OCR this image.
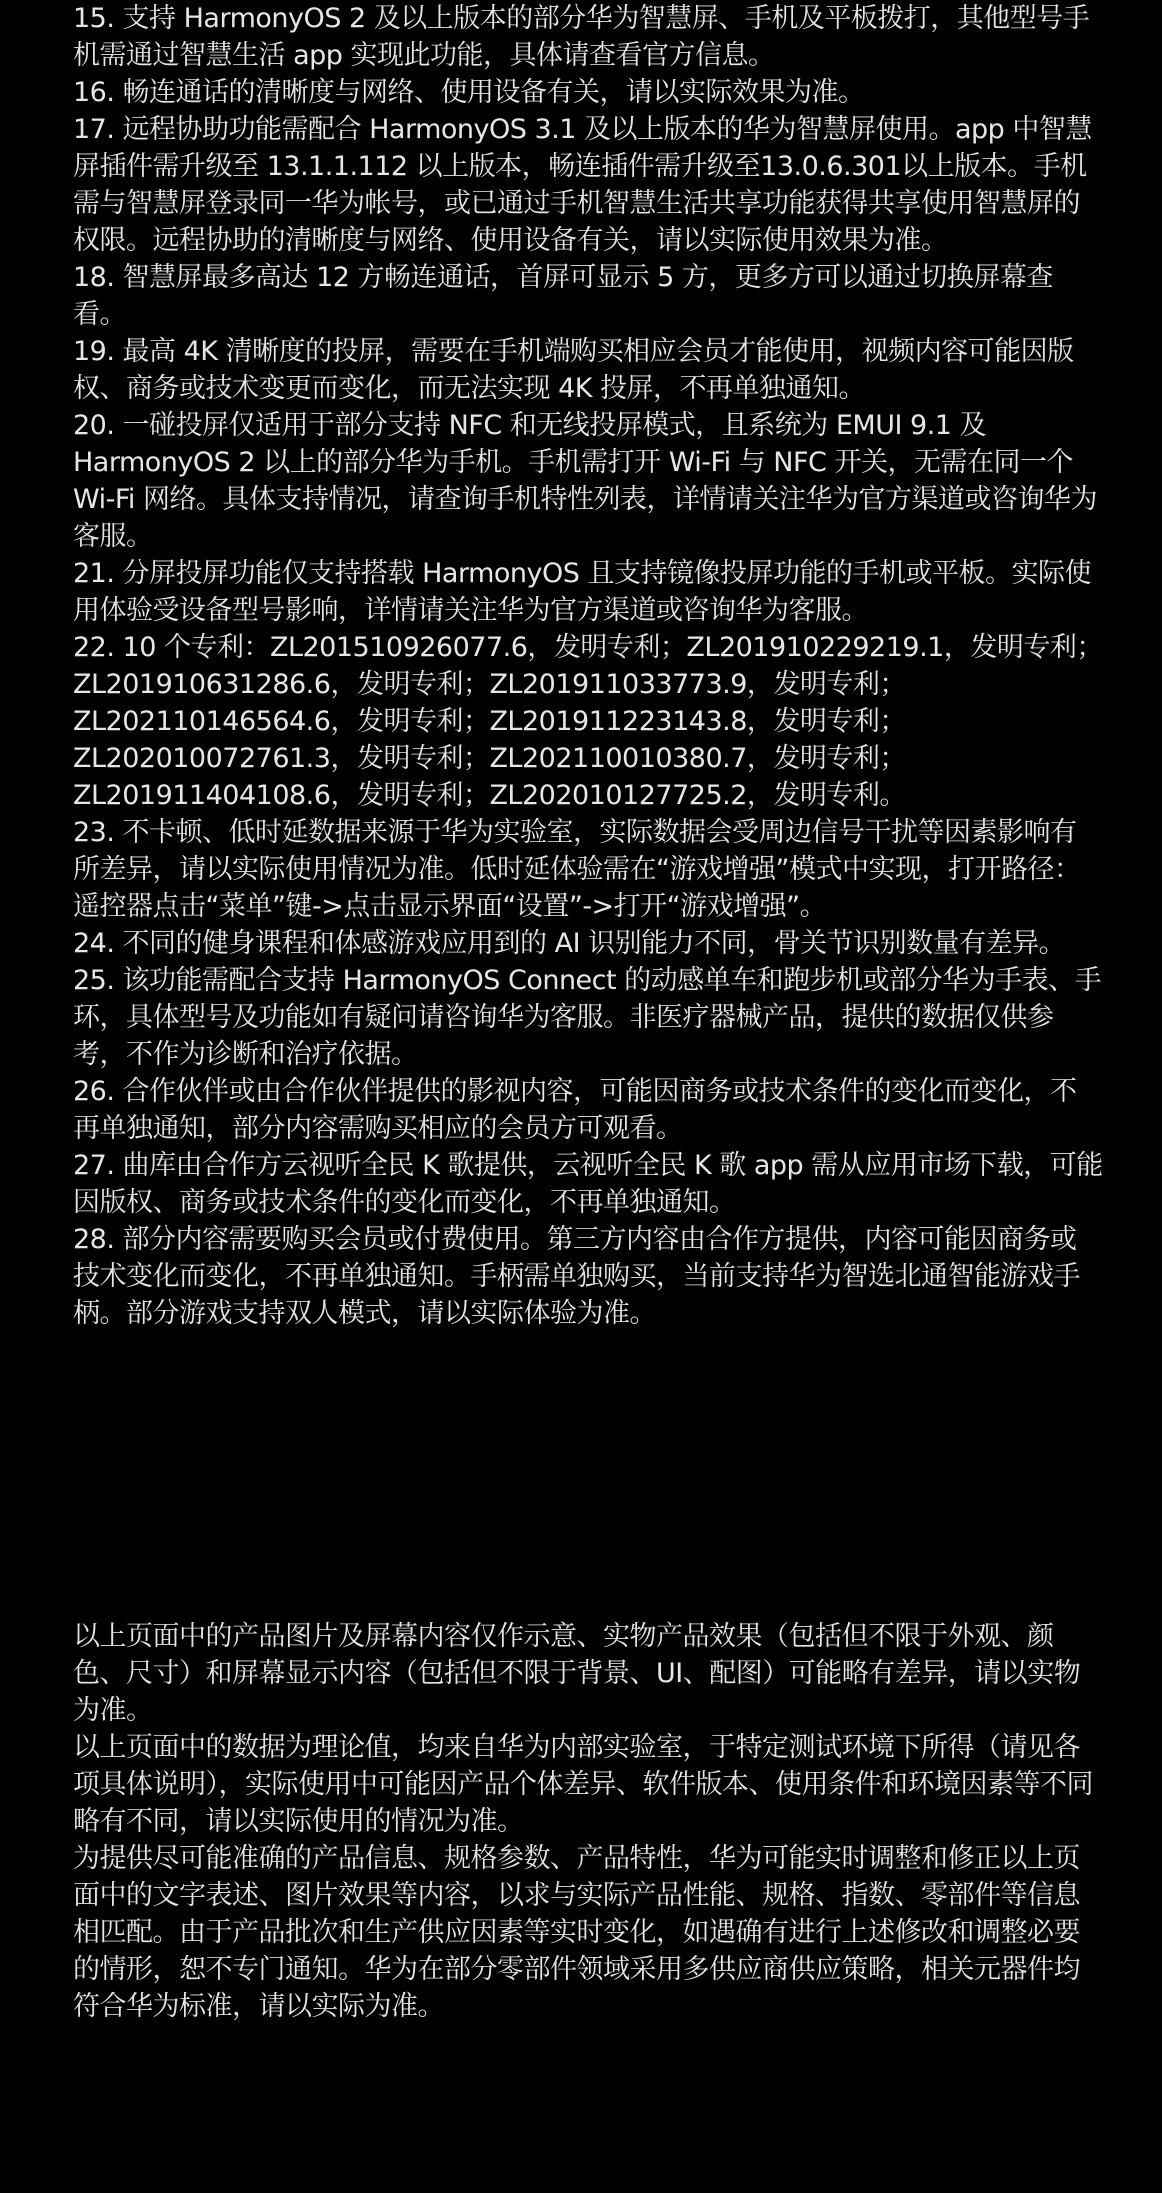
15. 支持 HarmonyOS 2 及以上版本的部分华为智慧屏、手机及平板拨打，其他型号手机需通过智慧生活 app 实现此功能，具体请查看官方信息。

16. 畅连通话的清晰度与网络、使用设备有关，请以实际效果为准。

17. 远程协助功能需配合 HarmonyOS 3.1 及以上版本的华为智慧屏使用。app 中智慧屏插件需升级至 13.1.1.112 以上版本，畅连插件需升级至13.0.6.301以上版本。手机需与智慧屏登录同一华为帐号，或已通过手机智慧生活共享功能获得共享使用智慧屏的权限。远程协助的清晰度与网络、使用设备有关，请以实际使用效果为准。

18. 智慧屏最多高达 12 方畅连通话，首屏可显示 5 方，更多方可以通过切换屏幕查看。

19. 最高 4K 清晰度的投屏，需要在手机端购买相应会员才能使用，视频内容可能因版权、商务或技术变更而变化，而无法实现 4K 投屏，不再单独通知。

20. 一碰投屏仅适用于部分支持 NFC 和无线投屏模式，且系统为 EMUI 9.1 及 HarmonyOS 2 以上的部分华为手机。手机需打开 Wi-Fi 与 NFC 开关，无需在同一个 Wi-Fi 网络。具体支持情况，请查询手机特性列表，详情请关注华为官方渠道或咨询华为客服。

21. 分屏投屏功能仅支持搭载 HarmonyOS 且支持镜像投屏功能的手机或平板。实际使用体验受设备型号影响，详情请关注华为官方渠道或咨询华为客服。

22. 10 个专利：ZL201510926077.6，发明专利；ZL201910229219.1，发明专利；ZL201910631286.6，发明专利；ZL201911033773.9，发明专利；ZL202110146564.6，发明专利；ZL201911223143.8，发明专利；ZL202010072761.3，发明专利；ZL202110010380.7，发明专利；ZL201911404108.6，发明专利；ZL202010127725.2，发明专利。

23. 不卡顿、低时延数据来源于华为实验室，实际数据会受周边信号干扰等因素影响有所差异，请以实际使用情况为准。低时延体验需在“游戏增强”模式中实现，打开路径：遥控器点击“菜单”键->点击显示界面“设置”->打开“游戏增强”。

24. 不同的健身课程和体感游戏应用到的 AI 识别能力不同，骨关节识别数量有差异。

25. 该功能需配合支持 HarmonyOS Connect 的动感单车和跑步机或部分华为手表、手环，具体型号及功能如有疑问请咨询华为客服。非医疗器械产品，提供的数据仅供参考，不作为诊断和治疗依据。

26. 合作伙伴或由合作伙伴提供的影视内容，可能因商务或技术条件的变化而变化，不再单独通知，部分内容需购买相应的会员方可观看。

27. 曲库由合作方云视听全民 K 歌提供，云视听全民 K 歌 app 需从应用市场下载，可能因版权、商务或技术条件的变化而变化，不再单独通知。

28. 部分内容需要购买会员或付费使用。第三方内容由合作方提供，内容可能因商务或技术变化而变化，不再单独通知。手柄需单独购买，当前支持华为智选北通智能游戏手柄。部分游戏支持双人模式，请以实际体验为准。

以上页面中的产品图片及屏幕内容仅作示意、实物产品效果（包括但不限于外观、颜色、尺寸）和屏幕显示内容（包括但不限于背景、UI、配图）可能略有差异，请以实物为准。

以上页面中的数据为理论值，均来自华为内部实验室，于特定测试环境下所得（请见各项具体说明），实际使用中可能因产品个体差异、软件版本、使用条件和环境因素等不同略有不同，请以实际使用的情况为准。

为提供尽可能准确的产品信息、规格参数、产品特性，华为可能实时调整和修正以上页面中的文字表述、图片效果等内容，以求与实际产品性能、规格、指数、零部件等信息相匹配。由于产品批次和生产供应因素等实时变化，如遇确有进行上述修改和调整必要的情形，恕不专门通知。华为在部分零部件领域采用多供应商供应策略，相关元器件均符合华为标准，请以实际为准。
